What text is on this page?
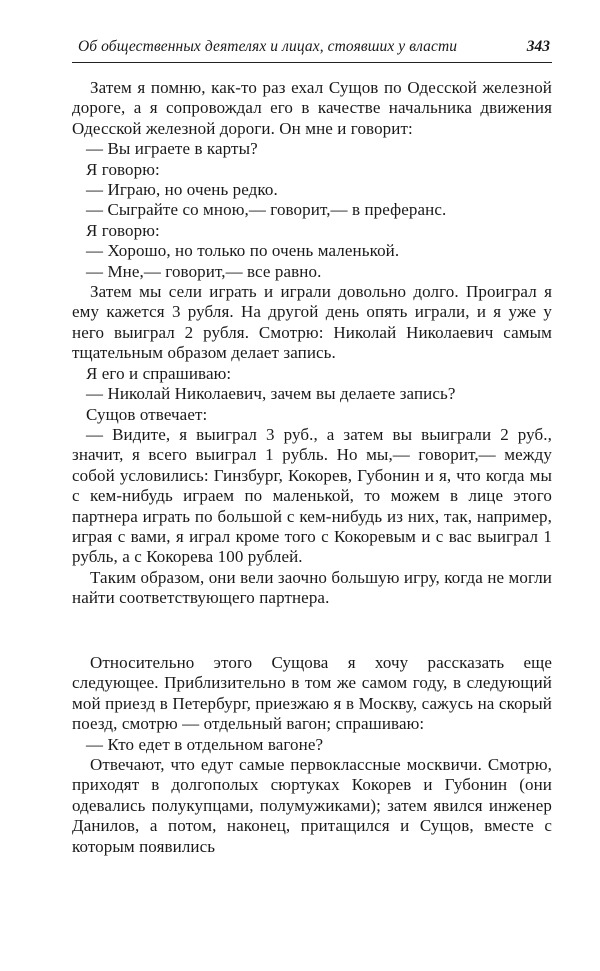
Об общественных деятелях и лицах, стоявших у власти	343

Затем я помню, как-то раз ехал Сущов по Одесской железной дороге, а я сопровождал его в качестве начальника движения Одесской железной дороги. Он мне и говорит:

— Вы играете в карты?

Я говорю:

— Играю, но очень редко.

— Сыграйте со мною,— говорит,— в преферанс.

Я говорю:

— Хорошо, но только по очень маленькой.

— Мне,— говорит,— все равно.

Затем мы сели играть и играли довольно долго. Проиграл я ему кажется 3 рубля. На другой день опять играли, и я уже у него выиграл 2 рубля. Смотрю: Николай Николаевич самым тщательным образом делает запись.

Я его и спрашиваю:

— Николай Николаевич, зачем вы делаете запись?

Сущов отвечает:

— Видите, я выиграл 3 руб., а затем вы выиграли 2 руб., значит, я всего выиграл 1 рубль. Но мы,— говорит,— между собой условились: Гинзбург, Кокорев, Губонин и я, что когда мы с кем-нибудь играем по маленькой, то можем в лице этого партнера играть по большой с кем-нибудь из них, так, например, играя с вами, я играл кроме того с Кокоревым и с вас выиграл 1 рубль, а с Кокорева 100 рублей.

Таким образом, они вели заочно большую игру, когда не могли найти соответствующего партнера.

Относительно этого Сущова я хочу рассказать еще следующее. Приблизительно в том же самом году, в следующий мой приезд в Петербург, приезжаю я в Москву, сажусь на скорый поезд, смотрю — отдельный вагон; спрашиваю:

— Кто едет в отдельном вагоне?

Отвечают, что едут самые первоклассные москвичи. Смотрю, приходят в долгополых сюртуках Кокорев и Губонин (они одевались полукупцами, полумужиками); затем явился инженер Данилов, а потом, наконец, притащился и Сущов, вместе с которым появились
